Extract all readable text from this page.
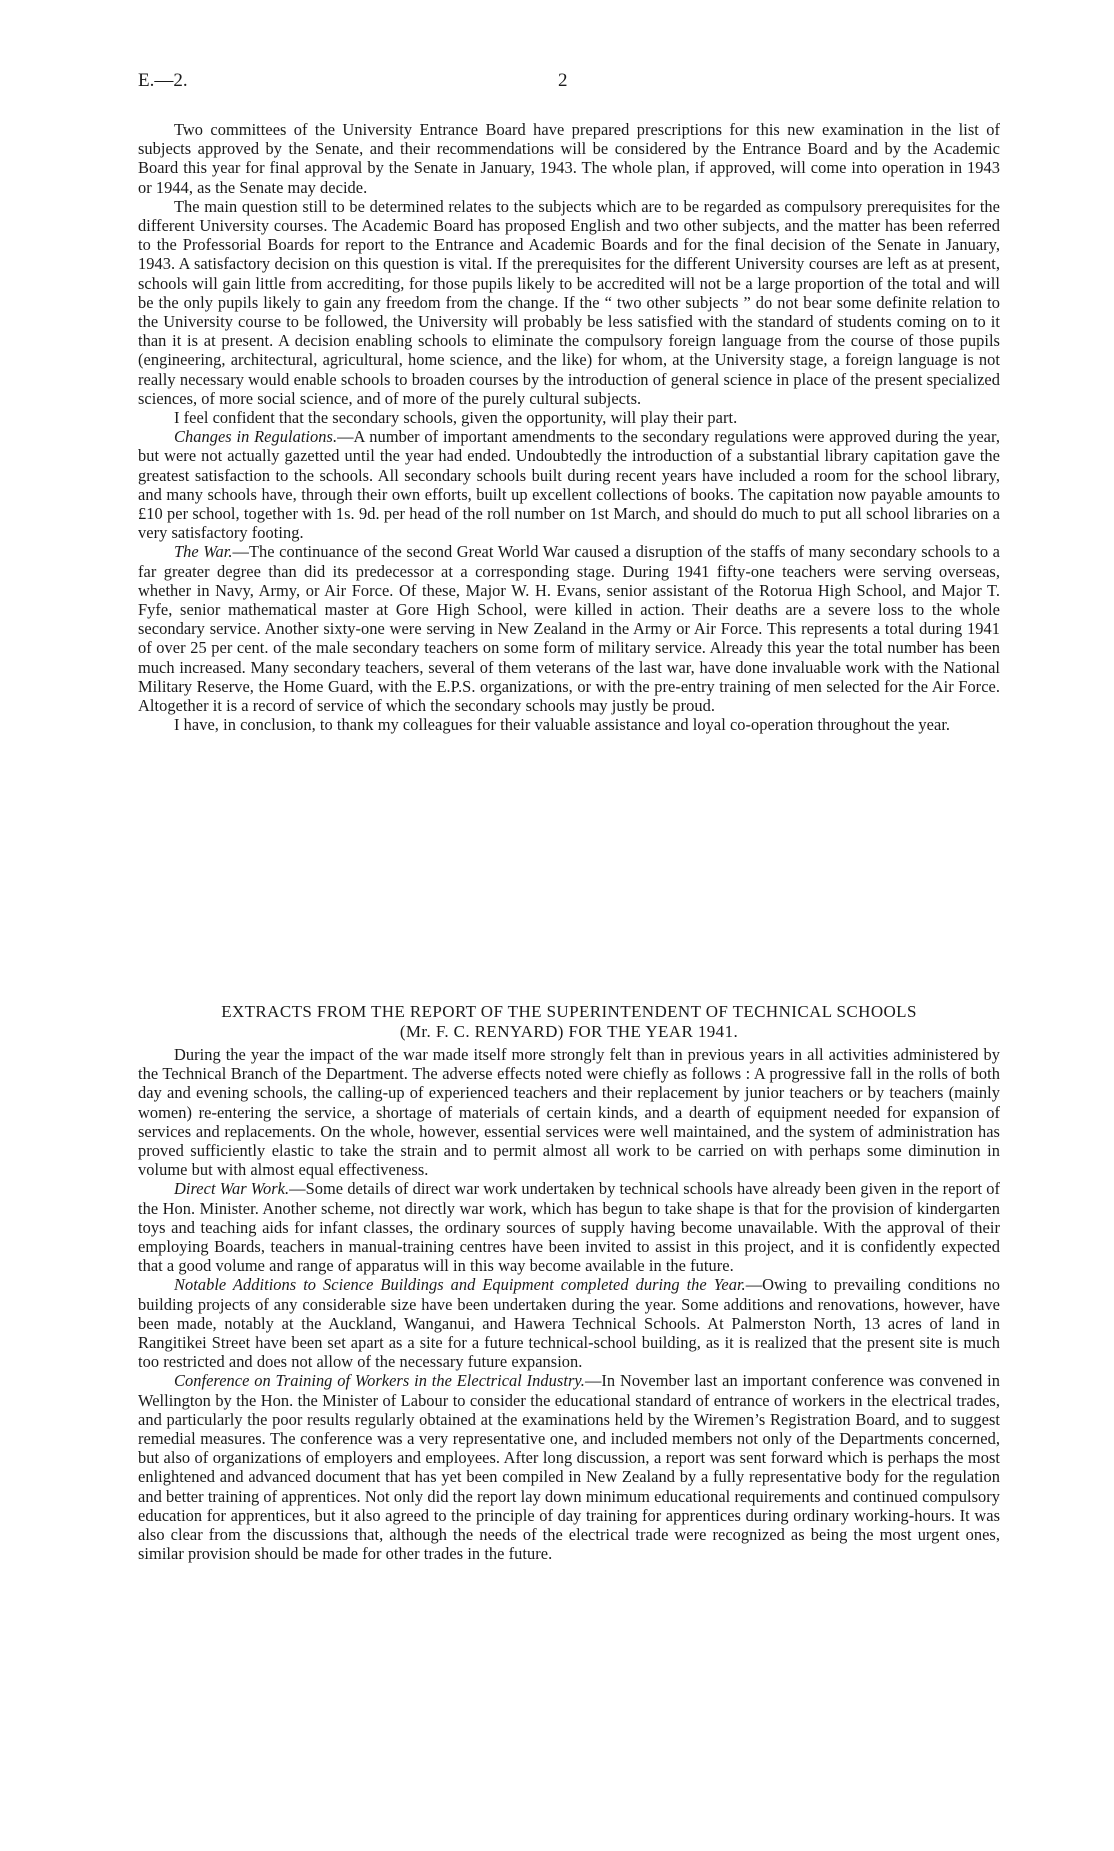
E.—2.	2

Two committees of the University Entrance Board have prepared prescriptions for this new examination in the list of subjects approved by the Senate, and their recommendations will be considered by the Entrance Board and by the Academic Board this year for final approval by the Senate in January, 1943. The whole plan, if approved, will come into operation in 1943 or 1944, as the Senate may decide.

The main question still to be determined relates to the subjects which are to be regarded as compulsory prerequisites for the different University courses. The Academic Board has proposed English and two other subjects, and the matter has been referred to the Professorial Boards for report to the Entrance and Academic Boards and for the final decision of the Senate in January, 1943. A satisfactory decision on this question is vital. If the prerequisites for the different University courses are left as at present, schools will gain little from accrediting, for those pupils likely to be accredited will not be a large proportion of the total and will be the only pupils likely to gain any freedom from the change. If the “ two other subjects ” do not bear some definite relation to the University course to be followed, the University will probably be less satisfied with the standard of students coming on to it than it is at present. A decision enabling schools to eliminate the compulsory foreign language from the course of those pupils (engineering, architectural, agricultural, home science, and the like) for whom, at the University stage, a foreign language is not really necessary would enable schools to broaden courses by the introduction of general science in place of the present specialized sciences, of more social science, and of more of the purely cultural subjects.

I feel confident that the secondary schools, given the opportunity, will play their part.

Changes in Regulations.—A number of important amendments to the secondary regulations were approved during the year, but were not actually gazetted until the year had ended. Undoubtedly the introduction of a substantial library capitation gave the greatest satisfaction to the schools. All secondary schools built during recent years have included a room for the school library, and many schools have, through their own efforts, built up excellent collections of books. The capitation now payable amounts to £10 per school, together with 1s. 9d. per head of the roll number on 1st March, and should do much to put all school libraries on a very satisfactory footing.

The War.—The continuance of the second Great World War caused a disruption of the staffs of many secondary schools to a far greater degree than did its predecessor at a corresponding stage. During 1941 fifty-one teachers were serving overseas, whether in Navy, Army, or Air Force. Of these, Major W. H. Evans, senior assistant of the Rotorua High School, and Major T. Fyfe, senior mathematical master at Gore High School, were killed in action. Their deaths are a severe loss to the whole secondary service. Another sixty-one were serving in New Zealand in the Army or Air Force. This represents a total during 1941 of over 25 per cent. of the male secondary teachers on some form of military service. Already this year the total number has been much increased. Many secondary teachers, several of them veterans of the last war, have done invaluable work with the National Military Reserve, the Home Guard, with the E.P.S. organizations, or with the pre-entry training of men selected for the Air Force. Altogether it is a record of service of which the secondary schools may justly be proud.

I have, in conclusion, to thank my colleagues for their valuable assistance and loyal co-operation throughout the year.

EXTRACTS FROM THE REPORT OF THE SUPERINTENDENT OF TECHNICAL SCHOOLS
(Mr. F. C. RENYARD) FOR THE YEAR 1941.

During the year the impact of the war made itself more strongly felt than in previous years in all activities administered by the Technical Branch of the Department. The adverse effects noted were chiefly as follows : A progressive fall in the rolls of both day and evening schools, the calling-up of experienced teachers and their replacement by junior teachers or by teachers (mainly women) re-entering the service, a shortage of materials of certain kinds, and a dearth of equipment needed for expansion of services and replacements. On the whole, however, essential services were well maintained, and the system of administration has proved sufficiently elastic to take the strain and to permit almost all work to be carried on with perhaps some diminution in volume but with almost equal effectiveness.

Direct War Work.—Some details of direct war work undertaken by technical schools have already been given in the report of the Hon. Minister. Another scheme, not directly war work, which has begun to take shape is that for the provision of kindergarten toys and teaching aids for infant classes, the ordinary sources of supply having become unavailable. With the approval of their employing Boards, teachers in manual-training centres have been invited to assist in this project, and it is confidently expected that a good volume and range of apparatus will in this way become available in the future.

Notable Additions to Science Buildings and Equipment completed during the Year.—Owing to prevailing conditions no building projects of any considerable size have been undertaken during the year. Some additions and renovations, however, have been made, notably at the Auckland, Wanganui, and Hawera Technical Schools. At Palmerston North, 13 acres of land in Rangitikei Street have been set apart as a site for a future technical-school building, as it is realized that the present site is much too restricted and does not allow of the necessary future expansion.

Conference on Training of Workers in the Electrical Industry.—In November last an important conference was convened in Wellington by the Hon. the Minister of Labour to consider the educational standard of entrance of workers in the electrical trades, and particularly the poor results regularly obtained at the examinations held by the Wiremen’s Registration Board, and to suggest remedial measures. The conference was a very representative one, and included members not only of the Departments concerned, but also of organizations of employers and employees. After long discussion, a report was sent forward which is perhaps the most enlightened and advanced document that has yet been compiled in New Zealand by a fully representative body for the regulation and better training of apprentices. Not only did the report lay down minimum educational requirements and continued compulsory education for apprentices, but it also agreed to the principle of day training for apprentices during ordinary working-hours. It was also clear from the discussions that, although the needs of the electrical trade were recognized as being the most urgent ones, similar provision should be made for other trades in the future.
